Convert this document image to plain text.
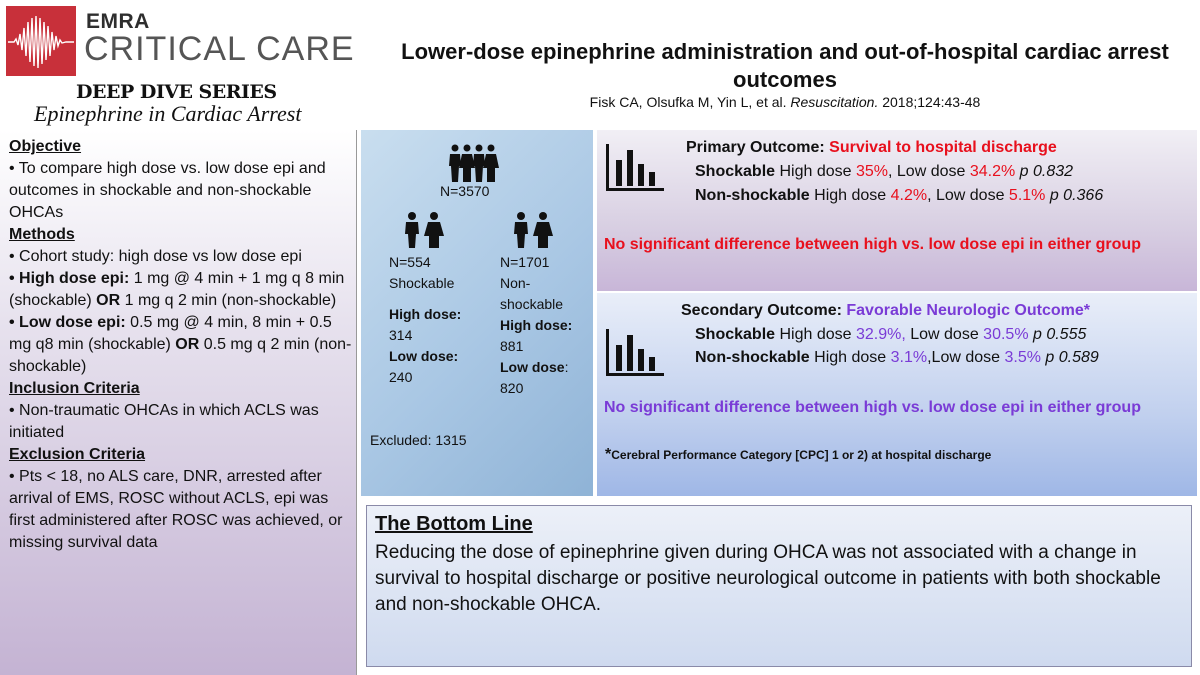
EMRA
CRITICAL CARE
DEEP DIVE SERIES
Epinephrine in Cardiac Arrest
Lower-dose epinephrine administration and out-of-hospital cardiac arrest outcomes
Fisk CA, Olsufka M, Yin L, et al. Resuscitation. 2018;124:43-48
Objective

• To compare high dose vs. low dose epi and outcomes in shockable and non-shockable OHCAs

Methods

• Cohort study: high dose vs low dose epi

• High dose epi: 1 mg @ 4 min + 1 mg q 8 min (shockable) OR 1 mg q 2 min (non-shockable)

• Low dose epi: 0.5 mg @ 4 min, 8 min + 0.5 mg q8 min (shockable) OR 0.5 mg q 2 min (non-shockable)

Inclusion Criteria

• Non-traumatic OHCAs in which ACLS was initiated

Exclusion Criteria

• Pts < 18, no ALS care, DNR, arrested after arrival of EMS, ROSC without ACLS, epi was first administered after ROSC was achieved, or missing survival data

N=3570
N=554
Shockable
High dose:
314
Low dose:
240
N=1701
Non-
shockable
High dose:
881
Low dose:
820
Excluded: 1315
Primary Outcome: Survival to hospital discharge
Shockable High dose 35%, Low dose 34.2% p 0.832
Non-shockable High dose 4.2%, Low dose 5.1% p 0.366
No significant difference between high vs. low dose epi in either group
Secondary Outcome: Favorable Neurologic Outcome*
Shockable High dose 32.9%, Low dose 30.5% p 0.555
Non-shockable High dose 3.1%,Low dose 3.5% p 0.589
No significant difference between high vs. low dose epi in either group
*Cerebral Performance Category [CPC] 1 or 2) at hospital discharge
The Bottom Line
Reducing the dose of epinephrine given during OHCA was not associated with a change in survival to hospital discharge or positive neurological outcome in patients with both shockable and non-shockable OHCA.
